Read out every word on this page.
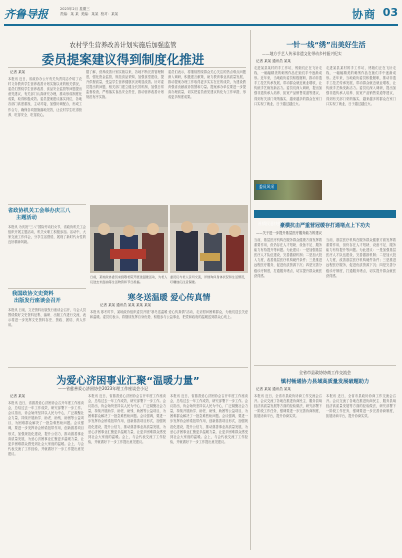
齐鲁导报	2023年2月 星期三
责编：某 某  美编：某某  校对：某某	协商 03
农村学生营养改善计划实施后加强监管
委员提案建议得到制度化推进
记者 某某
本报讯 近日，省政协办公厅有关负责同志介绍了农村义务教育学生营养改善计划实施以来的相关情况，委员们围绕学生营养改善、食品安全监管等问题提出意见建议，有关部门认真研究办理，推动形成制度化成果，取得积极成效。委员提案建议落实到位，各地各部门高度重视，主动对接，加强协调配合，形成工作合力，确保各项措施落地见效，让农村学生吃得营养、吃得安全、吃得放心。
据了解，营养改善计划实施以来，各地不断完善管理制度，强化资金监管，规范食品采购，加强食堂建设，提升供餐质量，受益学生营养健康状况明显改善。针对委员提出的问题，相关部门建立健全长效机制，加强日常监督检查，严格落实食品安全责任，推动营养改善计划规范有序实施。
委员们表示，将继续围绕群众关心关注的热点难点问题深入调研，积极建言献策，助力教育事业高质量发展，推动提案办理工作取得更多实实在在的成效，为建设教育强省贡献政协智慧和力量。提案承办单位要进一步提高办理质量，切实把委员意见建议转化为工作举措，形成更多制度成果。
一针一线“绣”出美好生活
——地方手艺人传承非遗文化带动乡村振兴纪实
记者 某某 通讯员 某某
走进某县某村的手工作坊，绣娘们正在飞针走线，一幅幅精美的刺绣作品在她们手中逐渐成形。近年来，当地政协委员积极履职，推动非遗手工技艺传承发展，带动群众就近就业增收，让传统手艺焕发新活力。委员们深入调研，提出加强非遗传承人培养、拓宽产品销售渠道等建议，得到有关部门采纳落实，越来越多的群众在家门口实现了就业，日子越过越红火。
走进某县某村的手工作坊，绣娘们正在飞针走线，一幅幅精美的刺绣作品在她们手中逐渐成形。近年来，当地政协委员积极履职，推动非遗手工技艺传承发展，带动群众就近就业增收，让传统手艺焕发新活力。委员们深入调研，提出加强非遗传承人培养、拓宽产品销售渠道等建议，得到有关部门采纳落实，越来越多的群众在家门口实现了就业，日子越过越红火。
委员风采
省政协机关工会举办庆三八
主题活动
本报讯 为庆祝“三八”国际劳动妇女节，省政协机关工会组织开展主题活动，机关女职工积极参加。活动中，大家交流工作体会，分享生活感悟，展现了新时代女性的良好精神风貌。
我国政协文史资料
出版发行座谈会召开
本报讯 日前，文史资料出版发行座谈会召开，与会人员围绕做好文史资料征集、编研、出版工作进行交流，表示将进一步发挥文史资料存史、资政、团结、育人作用。
日前，某地政协委员来到敬老院开展送温暖活动，为老人们送去米面油等生活物资和节日祝福。
委员们与老人亲切交流，详细询问身体状况和生活情况，叮嘱他们注意保暖。
寒冬送温暖 爱心传真情
记者 某某 通讯员 某某 某某 某某
本报讯 寒冬时节，某地政协组织委员开展“寒冬送温暖 爱心传真情”活动，走访慰问困难群众，为他们送去关爱和温暖。委员们表示，将继续发挥自身优势，积极参与公益事业，把党和政府的温暖送到群众心坎上。
社情民意快报
豪横抗击严重营冠缓存打通堵点上下功夫
——关于进一步提升基层医疗服务能力的建议
当前，基层医疗机构在服务群众健康方面发挥着重要作用，但仍存在人才短缺、设备不足、服务能力有待提升等问题。为此建议：一是加强基层医疗人才队伍建设，完善激励机制；二是加大投入力度，改善基层医疗机构硬件条件；三是推进远程医疗服务，促进优质资源下沉；四是完善分级诊疗制度，打通服务堵点，切实提升群众就医获得感。
当前，基层医疗机构在服务群众健康方面发挥着重要作用，但仍存在人才短缺、设备不足、服务能力有待提升等问题。为此建议：一是加强基层医疗人才队伍建设，完善激励机制；二是加大投入力度，改善基层医疗机构硬件条件；三是推进远程医疗服务，促进优质资源下沉；四是完善分级诊疗制度，打通服务堵点，切实提升群众就医获得感。
为爱心济困事业汇聚“温暖力量”
——省慈善爱心济困协会2023年理工作座谈会小记
记者 某某
本报讯 近日，省慈善爱心济困协会召开年度工作座谈会，总结过去一年工作成效，研究部署下一步工作。会议指出，协会始终坚持以人民为中心，广泛凝聚社会力量，持续开展助学、助老、助残、助困等公益项目，为困难群众解决了一批急难愁盼问题。会议强调，要进一步发挥协会桥梁纽带作用，创新慈善项目形式，加强规范化建设，提升公信力，推动慈善事业高质量发展，为爱心济困事业汇聚更多温暖力量，让更多困难群众感受到社会大家庭的温暖。会上，与会代表交流了工作经验，并就做好下一步工作提出意见建议。
本报讯 近日，省慈善爱心济困协会召开年度工作座谈会，总结过去一年工作成效，研究部署下一步工作。会议指出，协会始终坚持以人民为中心，广泛凝聚社会力量，持续开展助学、助老、助残、助困等公益项目，为困难群众解决了一批急难愁盼问题。会议强调，要进一步发挥协会桥梁纽带作用，创新慈善项目形式，加强规范化建设，提升公信力，推动慈善事业高质量发展，为爱心济困事业汇聚更多温暖力量，让更多困难群众感受到社会大家庭的温暖。会上，与会代表交流了工作经验，并就做好下一步工作提出意见建议。
本报讯 近日，省慈善爱心济困协会召开年度工作座谈会，总结过去一年工作成效，研究部署下一步工作。会议指出，协会始终坚持以人民为中心，广泛凝聚社会力量，持续开展助学、助老、助残、助困等公益项目，为困难群众解决了一批急难愁盼问题。会议强调，要进一步发挥协会桥梁纽带作用，创新慈善项目形式，加强规范化建设，提升公信力，推动慈善事业高质量发展，为爱心济困事业汇聚更多温暖力量，让更多困难群众感受到社会大家庭的温暖。会上，与会代表交流了工作经验，并就做好下一步工作提出意见建议。
全省市县政协协商工作交流会
镇村畅通协力县域高质量发展破题助力
记者 某某 通讯员 某某
本报讯 近日，全省市县政协协商工作交流会召开。会议交流了各地在推进协商民主、服务县域经济高质量发展等方面的经验做法，研究部署下一阶段工作任务，强调要进一步完善协商制度，拓展协商平台，提升协商实效。
本报讯 近日，全省市县政协协商工作交流会召开。会议交流了各地在推进协商民主、服务县域经济高质量发展等方面的经验做法，研究部署下一阶段工作任务，强调要进一步完善协商制度，拓展协商平台，提升协商实效。
